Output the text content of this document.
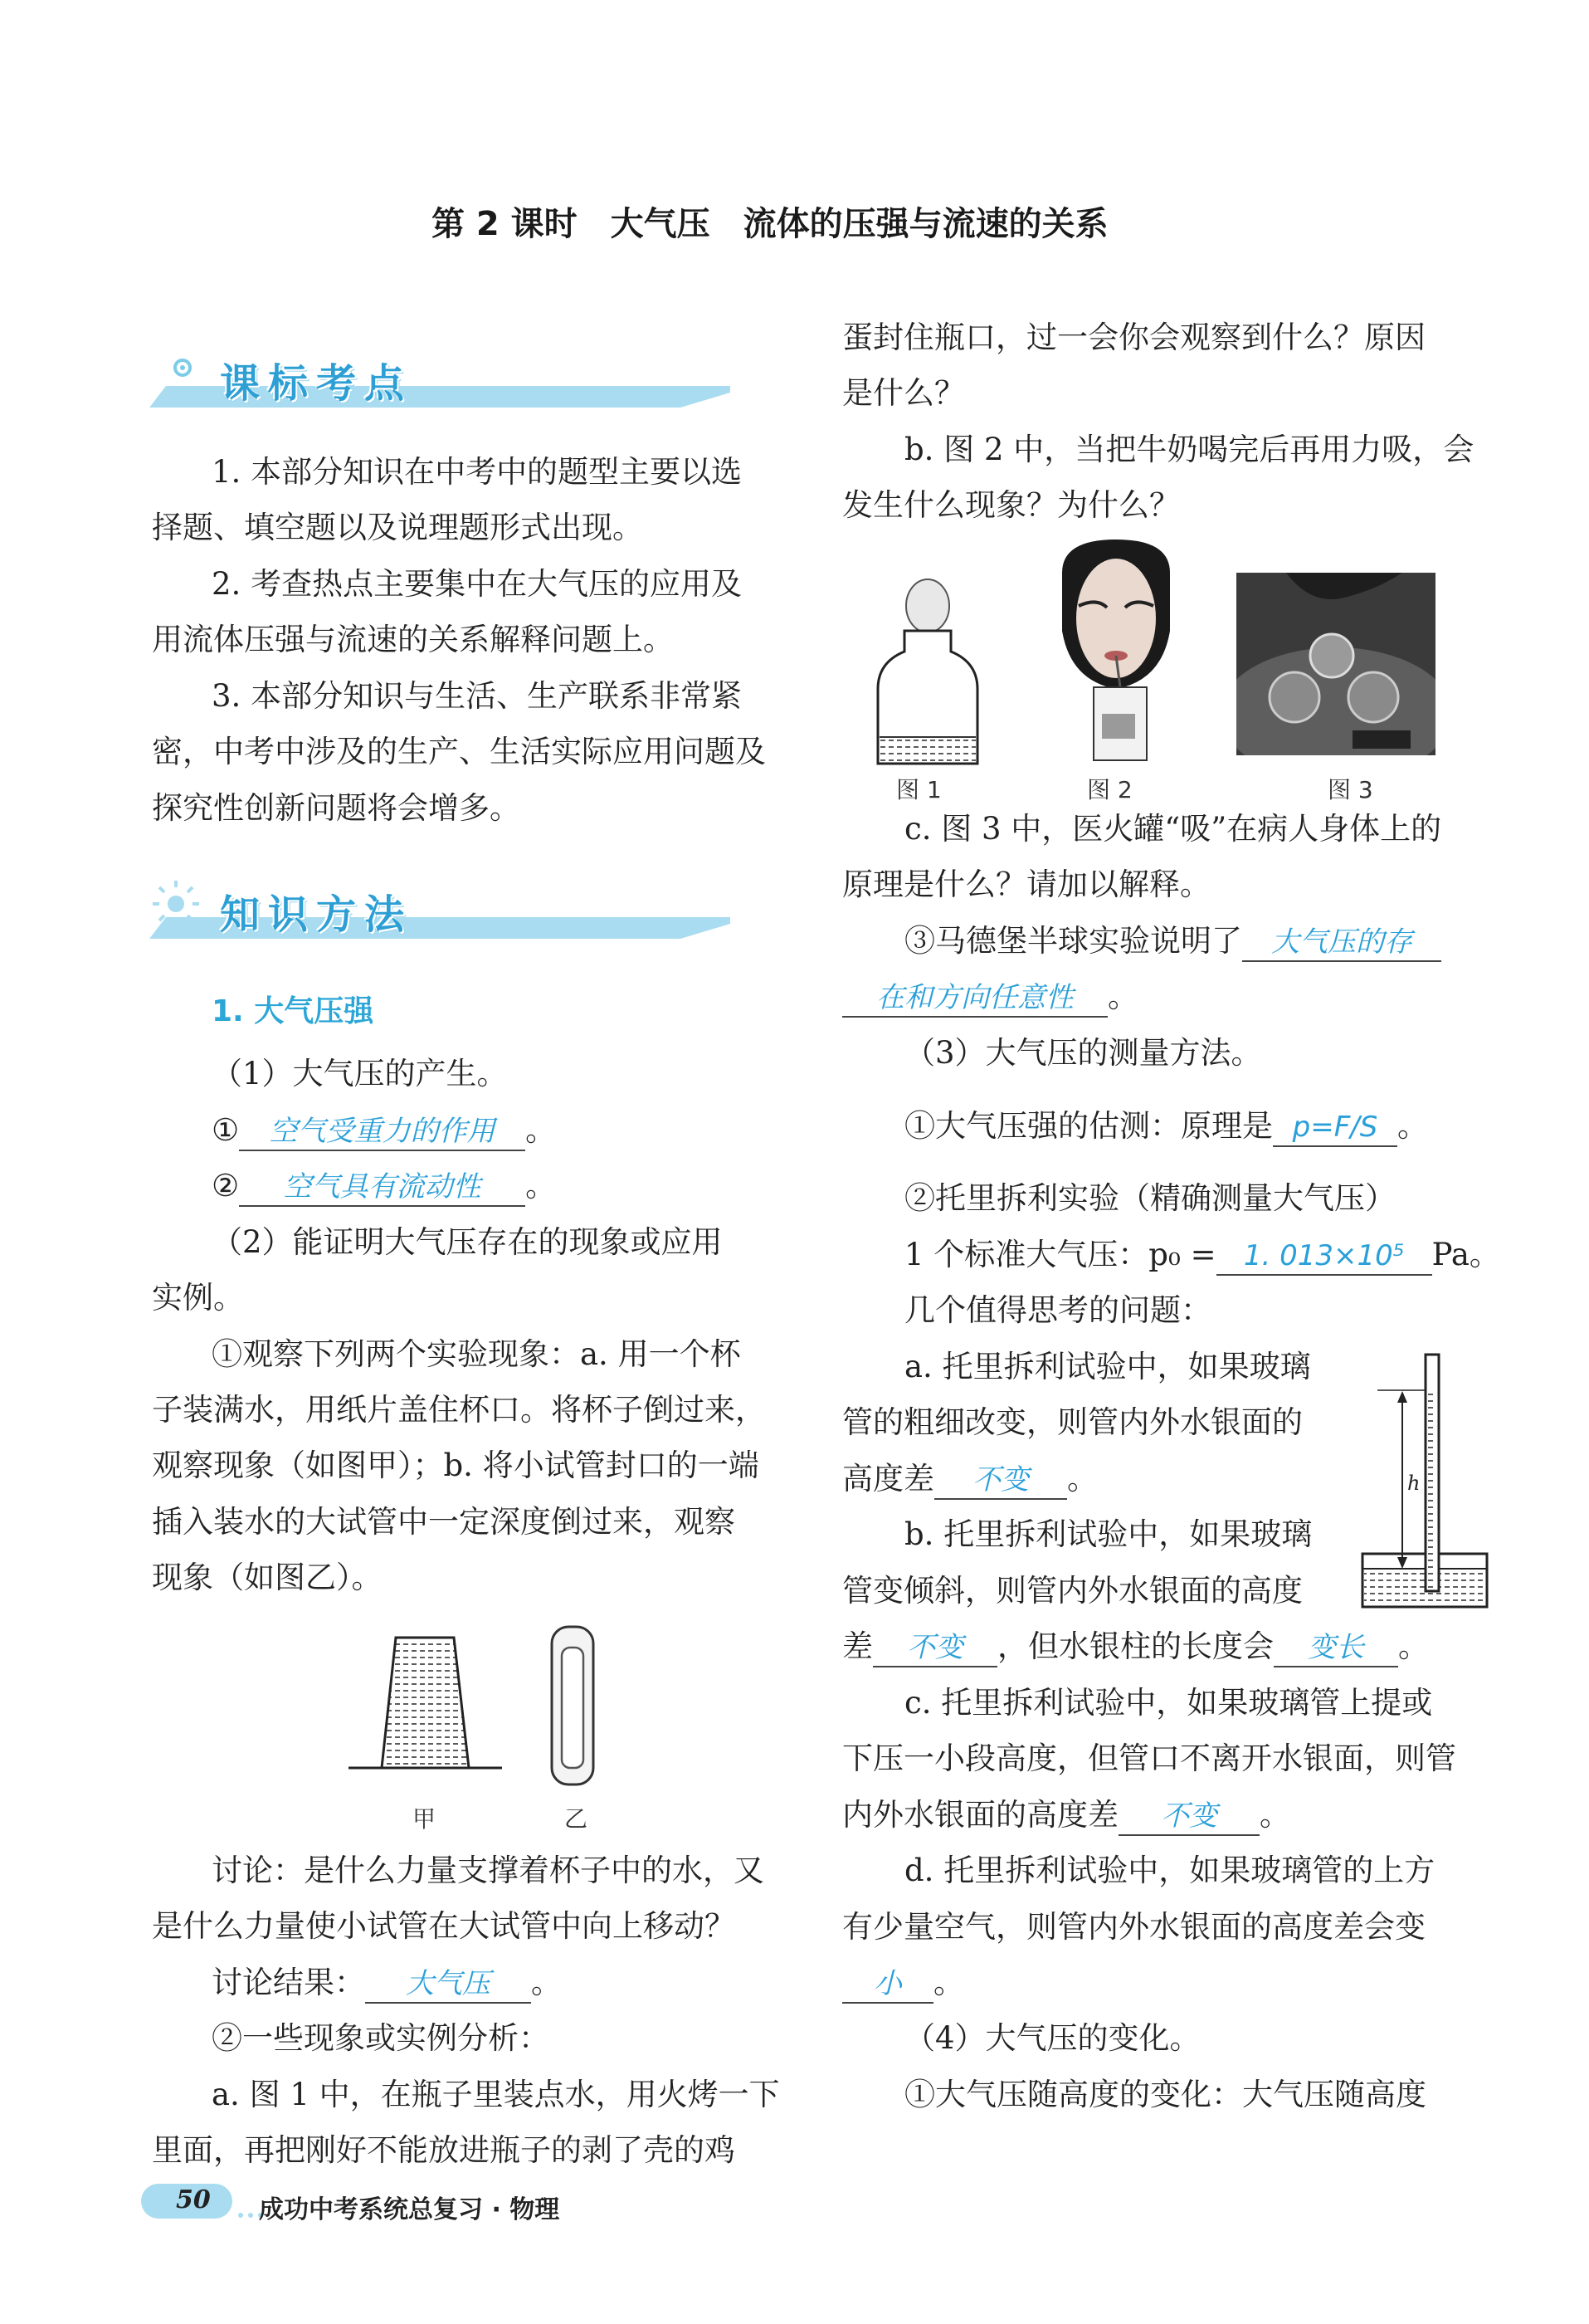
第 2 课时　大气压　流体的压强与流速的关系
课标考点
1. 本部分知识在中考中的题型主要以选
择题、填空题以及说理题形式出现。
2. 考查热点主要集中在大气压的应用及
用流体压强与流速的关系解释问题上。
3. 本部分知识与生活、生产联系非常紧
密，中考中涉及的生产、生活实际应用问题及
探究性创新问题将会增多。
知识方法
1. 大气压强
（1）大气压的产生。
① 空气受重力的作用 。
② 空气具有流动性 。
（2）能证明大气压存在的现象或应用
实例。
①观察下列两个实验现象：a. 用一个杯
子装满水，用纸片盖住杯口。将杯子倒过来，
观察现象（如图甲）；b. 将小试管封口的一端
插入装水的大试管中一定深度倒过来，观察
现象（如图乙）。
甲	乙
讨论：是什么力量支撑着杯子中的水，又
是什么力量使小试管在大试管中向上移动？
讨论结果： 大气压 。
②一些现象或实例分析：
a. 图 1 中，在瓶子里装点水，用火烤一下
里面，再把刚好不能放进瓶子的剥了壳的鸡
蛋封住瓶口，过一会你会观察到什么？原因
是什么？
b. 图 2 中，当把牛奶喝完后再用力吸，会
发生什么现象？为什么？
图 1	图 2	图 3
c. 图 3 中，医火罐“吸”在病人身体上的
原理是什么？请加以解释。
③马德堡半球实验说明了 大气压的存
在和方向任意性 。
（3）大气压的测量方法。
①大气压强的估测：原理是 p=F/S 。
②托里拆利实验（精确测量大气压）
1 个标准大气压：p₀ = 1. 013×10⁵ Pa。
几个值得思考的问题：
a. 托里拆利试验中，如果玻璃
管的粗细改变，则管内外水银面的
高度差 不变 。
b. 托里拆利试验中，如果玻璃
管变倾斜，则管内外水银面的高度
h
差 不变 ，但水银柱的长度会 变长 。
c. 托里拆利试验中，如果玻璃管上提或
下压一小段高度，但管口不离开水银面，则管
内外水银面的高度差 不变 。
d. 托里拆利试验中，如果玻璃管的上方
有少量空气，则管内外水银面的高度差会变
小 。
（4）大气压的变化。
①大气压随高度的变化：大气压随高度
50 成功中考系统总复习 · 物理
